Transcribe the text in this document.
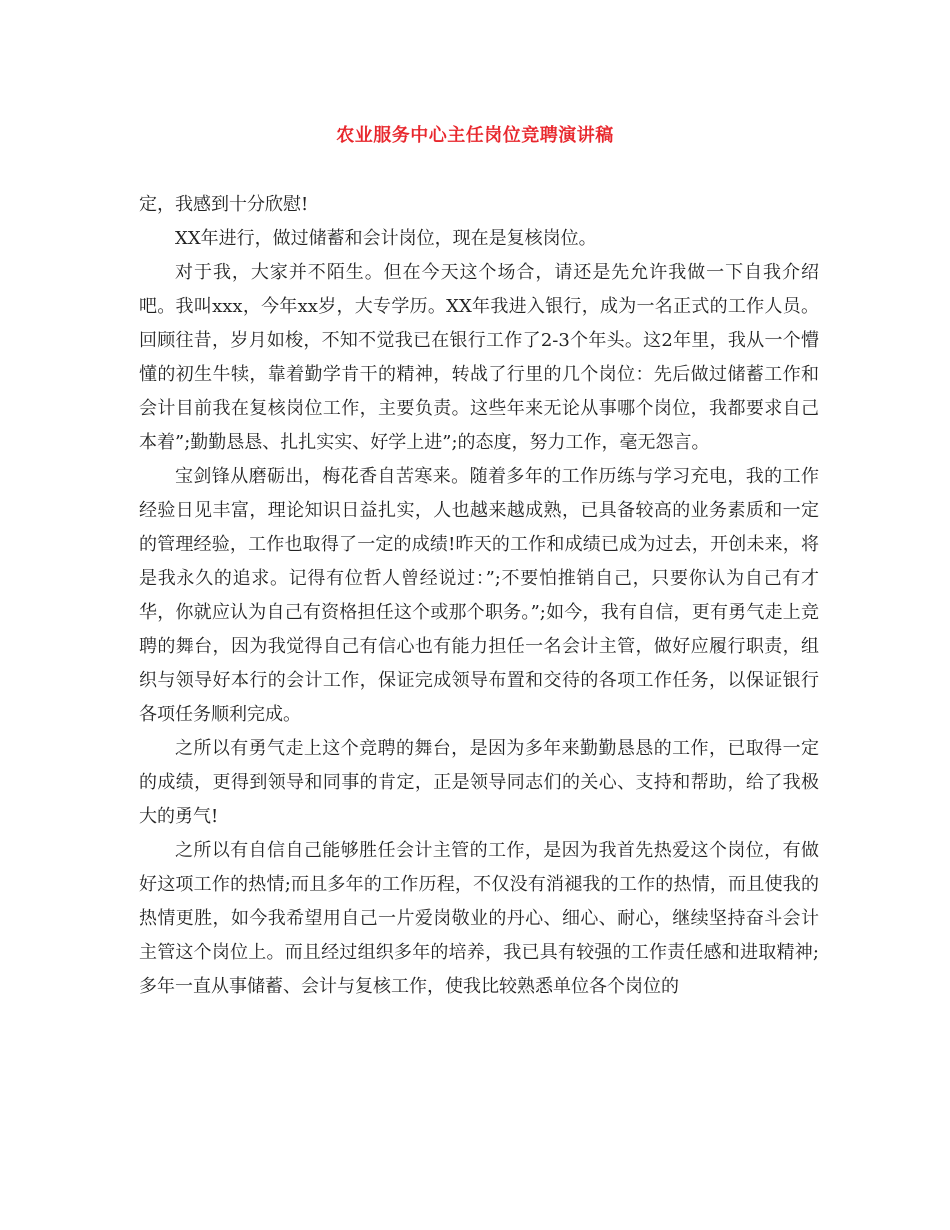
农业服务中心主任岗位竞聘演讲稿

定，我感到十分欣慰!

XX年进行，做过储蓄和会计岗位，现在是复核岗位。

对于我，大家并不陌生。但在今天这个场合，请还是先允许我做一下自我介绍吧。我叫xxx，今年xx岁，大专学历。XX年我进入银行，成为一名正式的工作人员。回顾往昔，岁月如梭，不知不觉我已在银行工作了2-3个年头。这2年里，我从一个懵懂的初生牛犊，靠着勤学肯干的精神，转战了行里的几个岗位：先后做过储蓄工作和会计目前我在复核岗位工作，主要负责。这些年来无论从事哪个岗位，我都要求自己本着”;勤勤恳恳、扎扎实实、好学上进”;的态度，努力工作，毫无怨言。

宝剑锋从磨砺出，梅花香自苦寒来。随着多年的工作历练与学习充电，我的工作经验日见丰富，理论知识日益扎实，人也越来越成熟，已具备较高的业务素质和一定的管理经验，工作也取得了一定的成绩!昨天的工作和成绩已成为过去，开创未来，将是我永久的追求。记得有位哲人曾经说过：”;不要怕推销自己，只要你认为自己有才华，你就应认为自己有资格担任这个或那个职务。”;如今，我有自信，更有勇气走上竞聘的舞台，因为我觉得自己有信心也有能力担任一名会计主管，做好应履行职责，组织与领导好本行的会计工作，保证完成领导布置和交待的各项工作任务，以保证银行各项任务顺利完成。

之所以有勇气走上这个竞聘的舞台，是因为多年来勤勤恳恳的工作，已取得一定的成绩，更得到领导和同事的肯定，正是领导同志们的关心、支持和帮助，给了我极大的勇气!

之所以有自信自己能够胜任会计主管的工作，是因为我首先热爱这个岗位，有做好这项工作的热情;而且多年的工作历程，不仅没有消褪我的工作的热情，而且使我的热情更胜，如今我希望用自己一片爱岗敬业的丹心、细心、耐心，继续坚持奋斗会计主管这个岗位上。而且经过组织多年的培养，我已具有较强的工作责任感和进取精神;多年一直从事储蓄、会计与复核工作，使我比较熟悉单位各个岗位的
